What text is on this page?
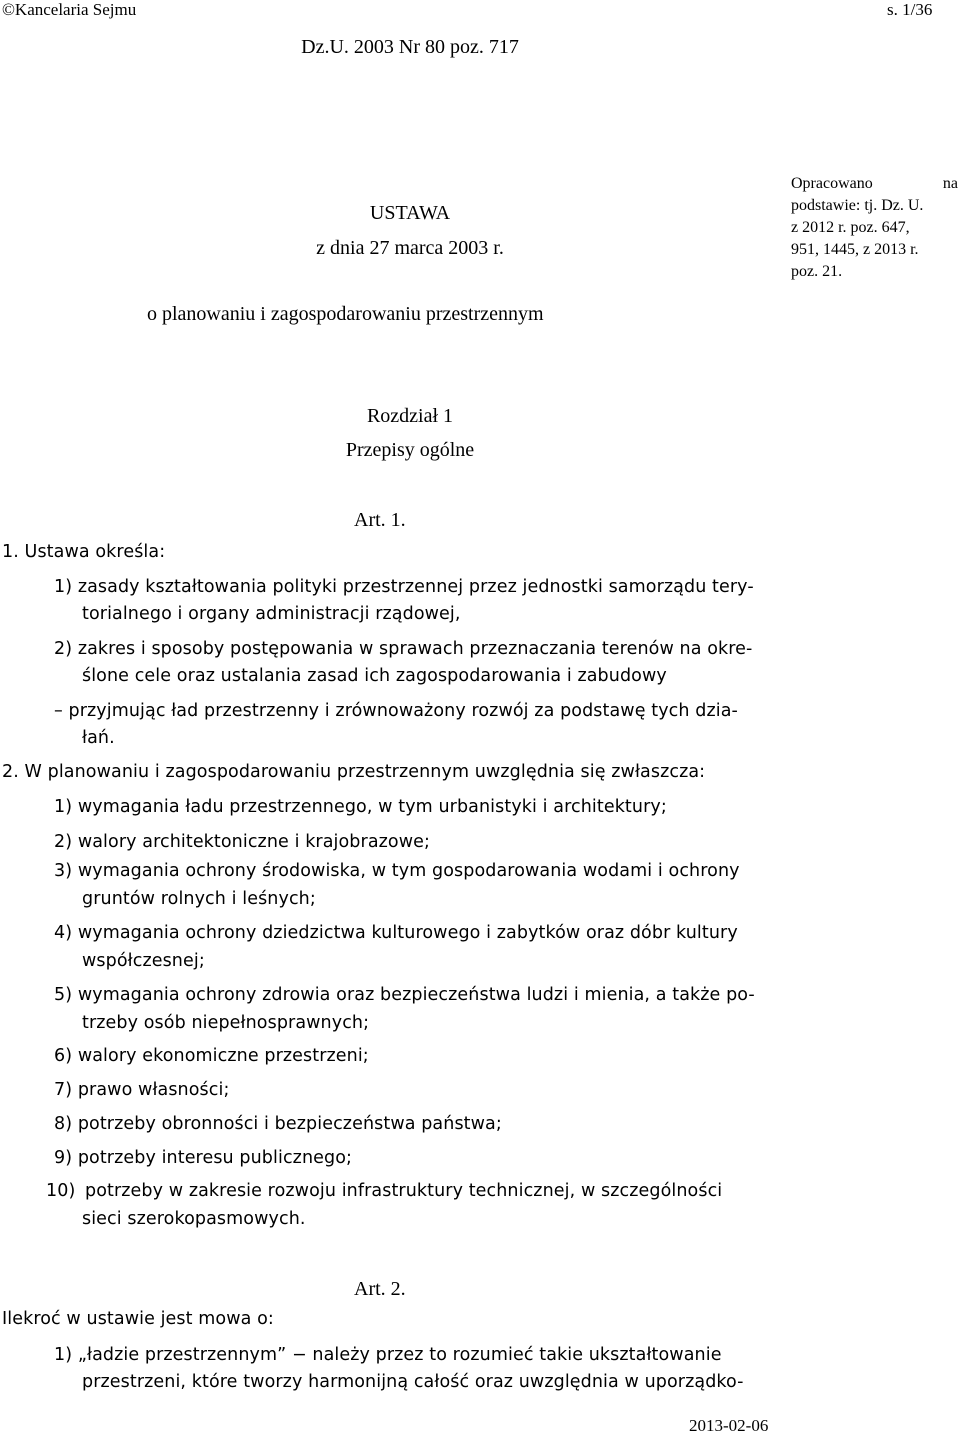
©Kancelaria Sejmu	s. 1/36
Dz.U. 2003 Nr 80 poz. 717
USTAWA
z dnia 27 marca 2003 r.
o planowaniu i zagospodarowaniu przestrzennym
Opracowano	na
podstawie: tj. Dz. U.
z 2012 r. poz. 647,
951, 1445, z 2013 r.
poz. 21.
Rozdział 1
Przepisy ogólne
Art. 1.
1. Ustawa określa:
1) zasady kształtowania polityki przestrzennej przez jednostki samorządu tery-
torialnego i organy administracji rządowej,
2) zakres i sposoby postępowania w sprawach przeznaczania terenów na okre-
ślone cele oraz ustalania zasad ich zagospodarowania i zabudowy
– przyjmując ład przestrzenny i zrównoważony rozwój za podstawę tych dzia-
łań.
2. W planowaniu i zagospodarowaniu przestrzennym uwzględnia się zwłaszcza:
1) wymagania ładu przestrzennego, w tym urbanistyki i architektury;
2) walory architektoniczne i krajobrazowe;
3) wymagania ochrony środowiska, w tym gospodarowania wodami i ochrony
gruntów rolnych i leśnych;
4) wymagania ochrony dziedzictwa kulturowego i zabytków oraz dóbr kultury
współczesnej;
5) wymagania ochrony zdrowia oraz bezpieczeństwa ludzi i mienia, a także po-
trzeby osób niepełnosprawnych;
6) walory ekonomiczne przestrzeni;
7) prawo własności;
8) potrzeby obronności i bezpieczeństwa państwa;
9) potrzeby interesu publicznego;
10) potrzeby w zakresie rozwoju infrastruktury technicznej, w szczególności
sieci szerokopasmowych.
Art. 2.
Ilekroć w ustawie jest mowa o:
1) „ładzie przestrzennym” − należy przez to rozumieć takie ukształtowanie
przestrzeni, które tworzy harmonijną całość oraz uwzględnia w uporządko-
2013-02-06
